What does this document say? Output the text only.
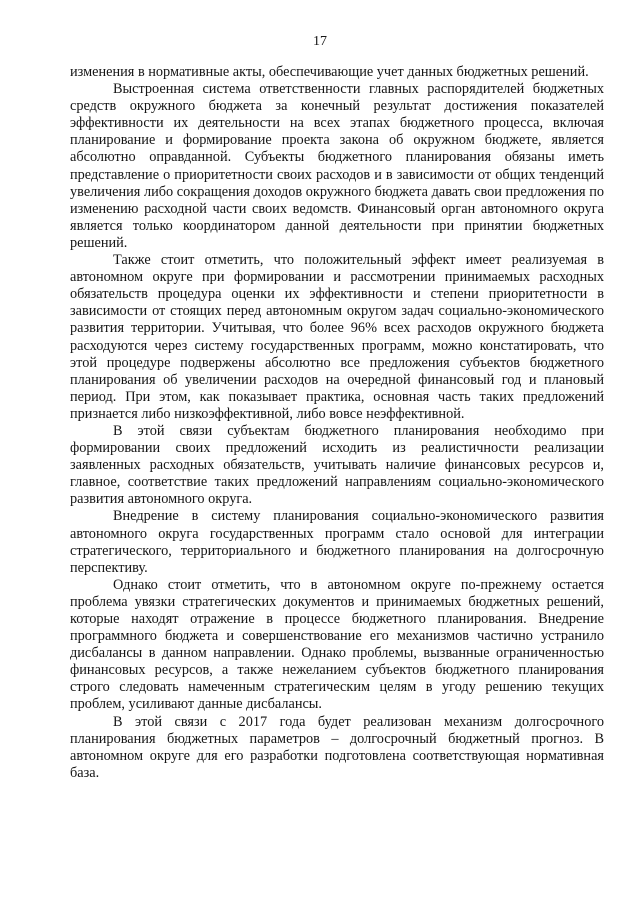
17

изменения в нормативные акты, обеспечивающие учет данных бюджетных решений.

Выстроенная система ответственности главных распорядителей бюджетных средств окружного бюджета за конечный результат достижения показателей эффективности их деятельности на всех этапах бюджетного процесса, включая планирование и формирование проекта закона об окружном бюджете, является абсолютно оправданной. Субъекты бюджетного планирования обязаны иметь представление о приоритетности своих расходов и в зависимости от общих тенденций увеличения либо сокращения доходов окружного бюджета давать свои предложения по изменению расходной части своих ведомств. Финансовый орган автономного округа является только координатором данной деятельности при принятии бюджетных решений.

Также стоит отметить, что положительный эффект имеет реализуемая в автономном округе при формировании и рассмотрении принимаемых расходных обязательств процедура оценки их эффективности и степени приоритетности в зависимости от стоящих перед автономным округом задач социально-экономического развития территории. Учитывая, что более 96% всех расходов окружного бюджета расходуются через систему государственных программ, можно констатировать, что этой процедуре подвержены абсолютно все предложения субъектов бюджетного планирования об увеличении расходов на очередной финансовый год и плановый период. При этом, как показывает практика, основная часть таких предложений признается либо низкоэффективной, либо вовсе неэффективной.

В этой связи субъектам бюджетного планирования необходимо при формировании своих предложений исходить из реалистичности реализации заявленных расходных обязательств, учитывать наличие финансовых ресурсов и, главное, соответствие таких предложений направлениям социально-экономического развития автономного округа.

Внедрение в систему планирования социально-экономического развития автономного округа государственных программ стало основой для интеграции стратегического, территориального и бюджетного планирования на долгосрочную перспективу.

Однако стоит отметить, что в автономном округе по-прежнему остается проблема увязки стратегических документов и принимаемых бюджетных решений, которые находят отражение в процессе бюджетного планирования. Внедрение программного бюджета и совершенствование его механизмов частично устранило дисбалансы в данном направлении. Однако проблемы, вызванные ограниченностью финансовых ресурсов, а также нежеланием субъектов бюджетного планирования строго следовать намеченным стратегическим целям в угоду решению текущих проблем, усиливают данные дисбалансы.

В этой связи с 2017 года будет реализован механизм долгосрочного планирования бюджетных параметров – долгосрочный бюджетный прогноз. В автономном округе для его разработки подготовлена соответствующая нормативная база.
